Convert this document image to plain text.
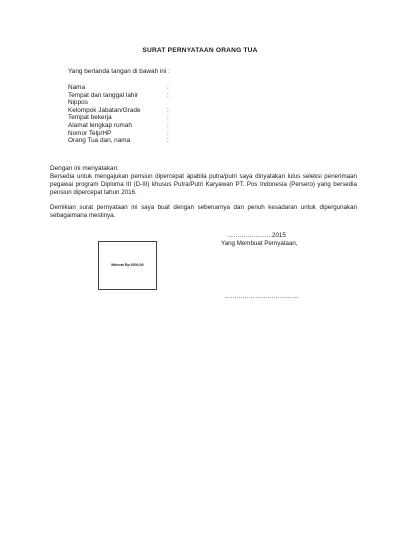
SURAT PERNYATAAN ORANG TUA
Yang bertanda tangan di bawah ini :
Nama	:
Tempat dan tanggal lahir	:
Nippos
Kelompok Jabatan/Grade	:
Tempat bekerja	:
Alamat lengkap rumah	:
Nomor Telp/HP	:
Orang Tua dari, nama	:
Dengan ini menyatakan:
Bersedia untuk mengajukan pensiun dipercepat apabila putra/putri saya dinyatakan lulus seleksi penerimaan pegawai program Diploma III (D-III) khusus Putra/Putri Karyawan PT. Pos Indonesia (Persero) yang bersedia pensiun dipercepat tahun 2016.
Demikian surat pernyataan ini saya buat dengan sebenarnya dan penuh kesadaran untuk dipergunakan sebagaimana mestinya.
………………….2015
Yang Membuat Pernyataan,
Meterai Rp 6000,00
………………………………
